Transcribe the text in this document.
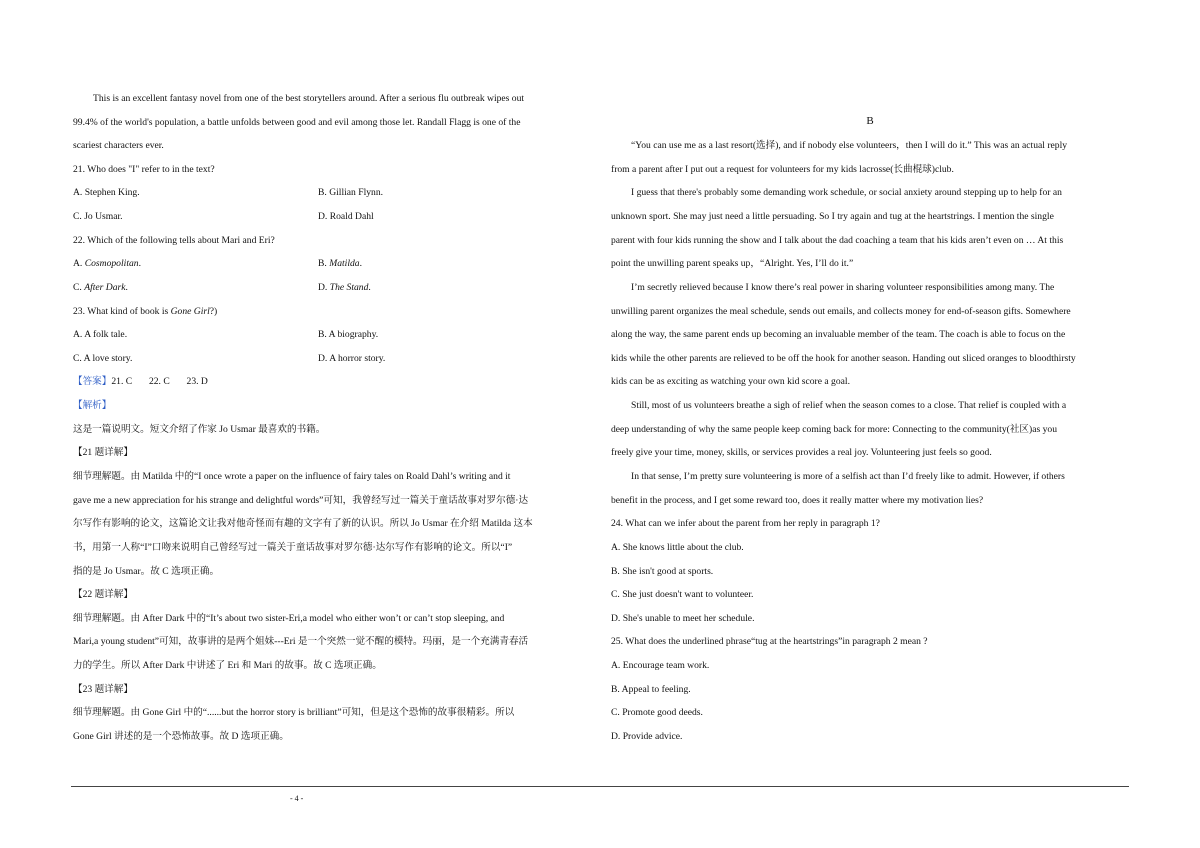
This is an excellent fantasy novel from one of the best storytellers around. After a serious flu outbreak wipes out
99.4% of the world's population, a battle unfolds between good and evil among those let. Randall Flagg is one of the
scariest characters ever.
21. Who does "I" refer to in the text?
A. Stephen King.	B. Gillian Flynn.
C. Jo Usmar.	D. Roald Dahl
22. Which of the following tells about Mari and Eri?
A. Cosmopolitan.	B. Matilda.
C. After Dark.	D. The Stand.
23. What kind of book is Gone Girl?)
A. A folk tale.	B. A biography.
C. A love story.	D. A horror story.
【答案】21. C       22. C       23. D
【解析】
这是一篇说明文。短文介绍了作家 Jo Usmar 最喜欢的书籍。
【21 题详解】
细节理解题。由 Matilda 中的“I once wrote a paper on the influence of fairy tales on Roald Dahl’s writing and it
gave me a new appreciation for his strange and delightful words”可知，我曾经写过一篇关于童话故事对罗尔德·达
尔写作有影响的论文，这篇论文让我对他奇怪而有趣的文字有了新的认识。所以 Jo Usmar 在介绍 Matilda 这本
书，用第一人称“I”口吻来说明自己曾经写过一篇关于童话故事对罗尔德·达尔写作有影响的论文。所以“I”
指的是 Jo Usmar。故 C 选项正确。
【22 题详解】
细节理解题。由 After Dark 中的“It’s about two sister-Eri,a model who either won’t or can’t stop sleeping, and
Mari,a young student”可知，故事讲的是两个姐妹---Eri 是一个突然一觉不醒的模特。玛丽，是一个充满青春活
力的学生。所以 After Dark 中讲述了 Eri 和 Mari 的故事。故 C 选项正确。
【23 题详解】
细节理解题。由 Gone Girl 中的“......but the horror story is brilliant”可知，但是这个恐怖的故事很精彩。所以
Gone Girl 讲述的是一个恐怖故事。故 D 选项正确。
B
“You can use me as a last resort(选择), and if nobody else volunteers，then I will do it.” This was an actual reply
from a parent after I put out a request for volunteers for my kids lacrosse(长曲棍球)club.
I guess that there's probably some demanding work schedule, or social anxiety around stepping up to help for an
unknown sport. She may just need a little persuading. So I try again and tug at the heartstrings. I mention the single
parent with four kids running the show and I talk about the dad coaching a team that his kids aren’t even on … At this
point the unwilling parent speaks up，“Alright. Yes, I’ll do it.”
I’m secretly relieved because I know there’s real power in sharing volunteer responsibilities among many. The
unwilling parent organizes the meal schedule, sends out emails, and collects money for end-of-season gifts. Somewhere
along the way, the same parent ends up becoming an invaluable member of the team. The coach is able to focus on the
kids while the other parents are relieved to be off the hook for another season. Handing out sliced oranges to bloodthirsty
kids can be as exciting as watching your own kid score a goal.
Still, most of us volunteers breathe a sigh of relief when the season comes to a close. That relief is coupled with a
deep understanding of why the same people keep coming back for more: Connecting to the community(社区)as you
freely give your time, money, skills, or services provides a real joy. Volunteering just feels so good.
In that sense, I’m pretty sure volunteering is more of a selfish act than I’d freely like to admit. However, if others
benefit in the process, and I get some reward too, does it really matter where my motivation lies?
24. What can we infer about the parent from her reply in paragraph 1?
A. She knows little about the club.
B. She isn't good at sports.
C. She just doesn't want to volunteer.
D. She's unable to meet her schedule.
25. What does the underlined phrase“tug at the heartstrings”in paragraph 2 mean ?
A. Encourage team work.
B. Appeal to feeling.
C. Promote good deeds.
D. Provide advice.
- 4 -
